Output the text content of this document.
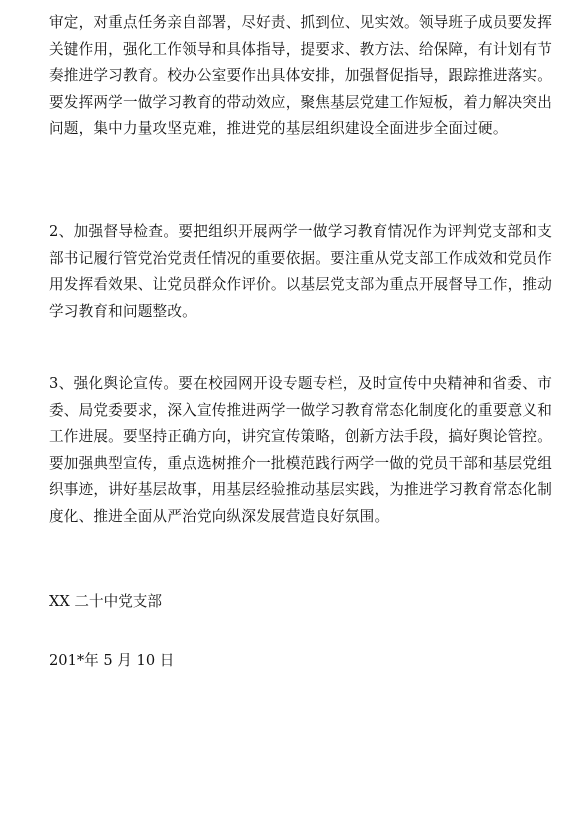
审定，对重点任务亲自部署，尽好责、抓到位、见实效。领导班子成员要发挥关键作用，强化工作领导和具体指导，提要求、教方法、给保障，有计划有节奏推进学习教育。校办公室要作出具体安排，加强督促指导，跟踪推进落实。要发挥两学一做学习教育的带动效应，聚焦基层党建工作短板，着力解决突出问题，集中力量攻坚克难，推进党的基层组织建设全面进步全面过硬。

2、加强督导检查。要把组织开展两学一做学习教育情况作为评判党支部和支部书记履行管党治党责任情况的重要依据。要注重从党支部工作成效和党员作用发挥看效果、让党员群众作评价。以基层党支部为重点开展督导工作，推动学习教育和问题整改。

3、强化舆论宣传。要在校园网开设专题专栏，及时宣传中央精神和省委、市委、局党委要求，深入宣传推进两学一做学习教育常态化制度化的重要意义和工作进展。要坚持正确方向，讲究宣传策略，创新方法手段，搞好舆论管控。要加强典型宣传，重点选树推介一批模范践行两学一做的党员干部和基层党组织事迹，讲好基层故事，用基层经验推动基层实践，为推进学习教育常态化制度化、推进全面从严治党向纵深发展营造良好氛围。

XX 二十中党支部

201*年 5 月 10 日
